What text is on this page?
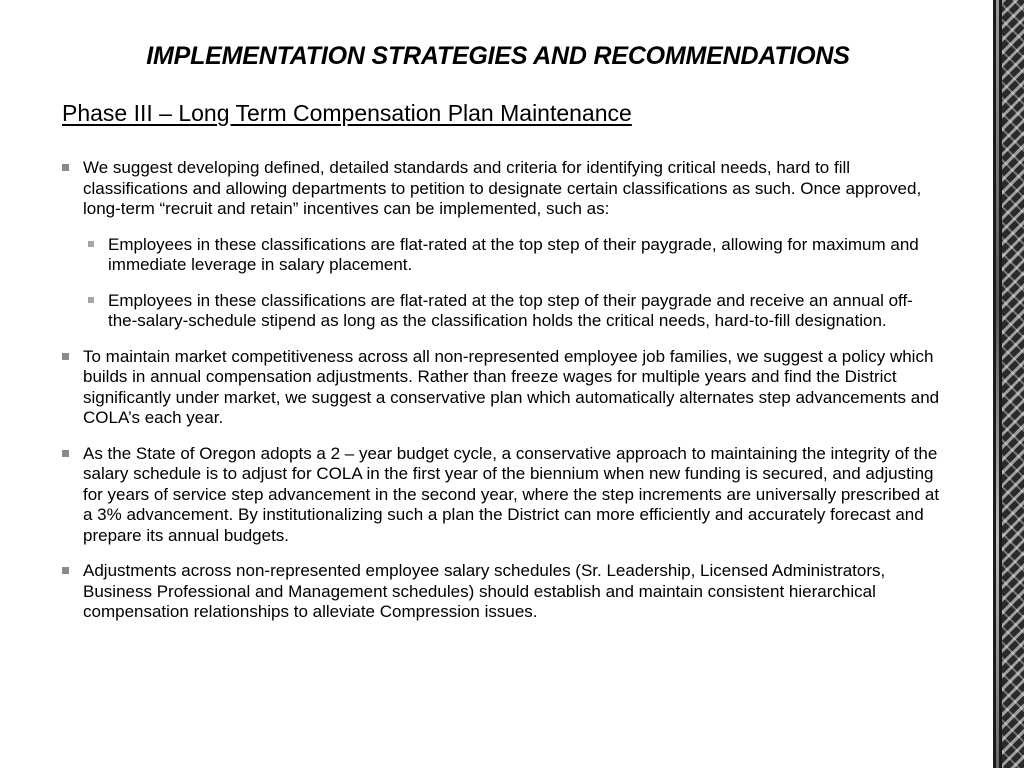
IMPLEMENTATION STRATEGIES AND RECOMMENDATIONS
Phase III – Long Term Compensation Plan Maintenance
We suggest developing defined, detailed standards and criteria for identifying critical needs, hard to fill classifications and allowing departments to petition to designate certain classifications as such. Once approved, long-term “recruit and retain” incentives can be implemented, such as:
Employees in these classifications are flat-rated at the top step of their paygrade, allowing for maximum and immediate leverage in salary placement.
Employees in these classifications are flat-rated at the top step of their paygrade and receive an annual off-the-salary-schedule stipend as long as the classification holds the critical needs, hard-to-fill designation.
To maintain market competitiveness across all non-represented employee job families, we suggest a policy which builds in annual compensation adjustments. Rather than freeze wages for multiple years and find the District significantly under market, we suggest a conservative plan which automatically alternates step advancements and COLA’s each year.
As the State of Oregon adopts a 2 – year budget cycle, a conservative approach to maintaining the integrity of the salary schedule is to adjust for COLA in the first year of the biennium when new funding is secured, and adjusting for years of service step advancement in the second year, where the step increments are universally prescribed at a 3% advancement. By institutionalizing such a plan the District can more efficiently and accurately forecast and prepare its annual budgets.
Adjustments across non-represented employee salary schedules (Sr. Leadership, Licensed Administrators, Business Professional and Management schedules) should establish and maintain consistent hierarchical compensation relationships to alleviate Compression issues.
